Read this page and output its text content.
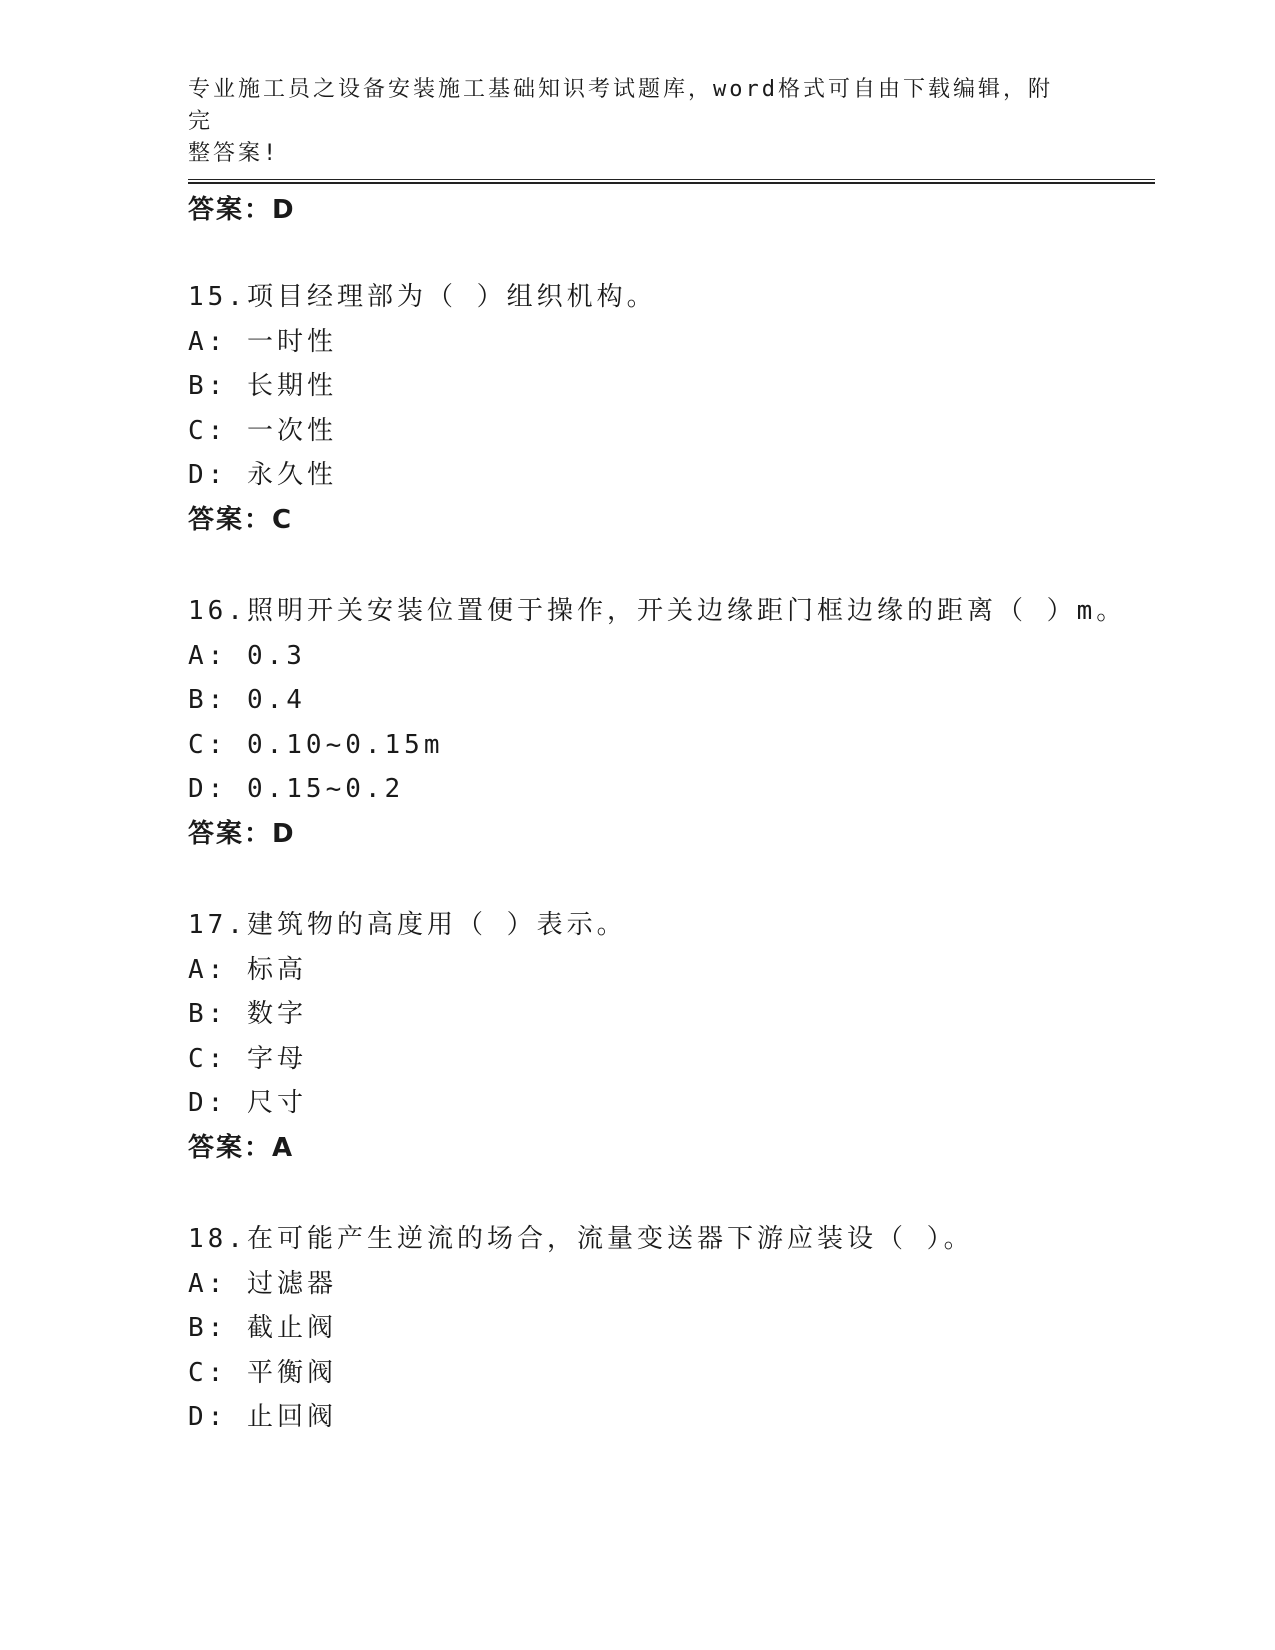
专业施工员之设备安装施工基础知识考试题库，word格式可自由下载编辑，附完
整答案!
答案：D
15.项目经理部为（ ）组织机构。
A: 一时性
B: 长期性
C: 一次性
D: 永久性
答案：C
16.照明开关安装位置便于操作，开关边缘距门框边缘的距离（ ）m。
A: 0.3
B: 0.4
C: 0.10~0.15m
D: 0.15~0.2
答案：D
17.建筑物的高度用（ ）表示。
A: 标高
B: 数字
C: 字母
D: 尺寸
答案：A
18.在可能产生逆流的场合，流量变送器下游应装设（ ）。
A: 过滤器
B: 截止阀
C: 平衡阀
D: 止回阀
